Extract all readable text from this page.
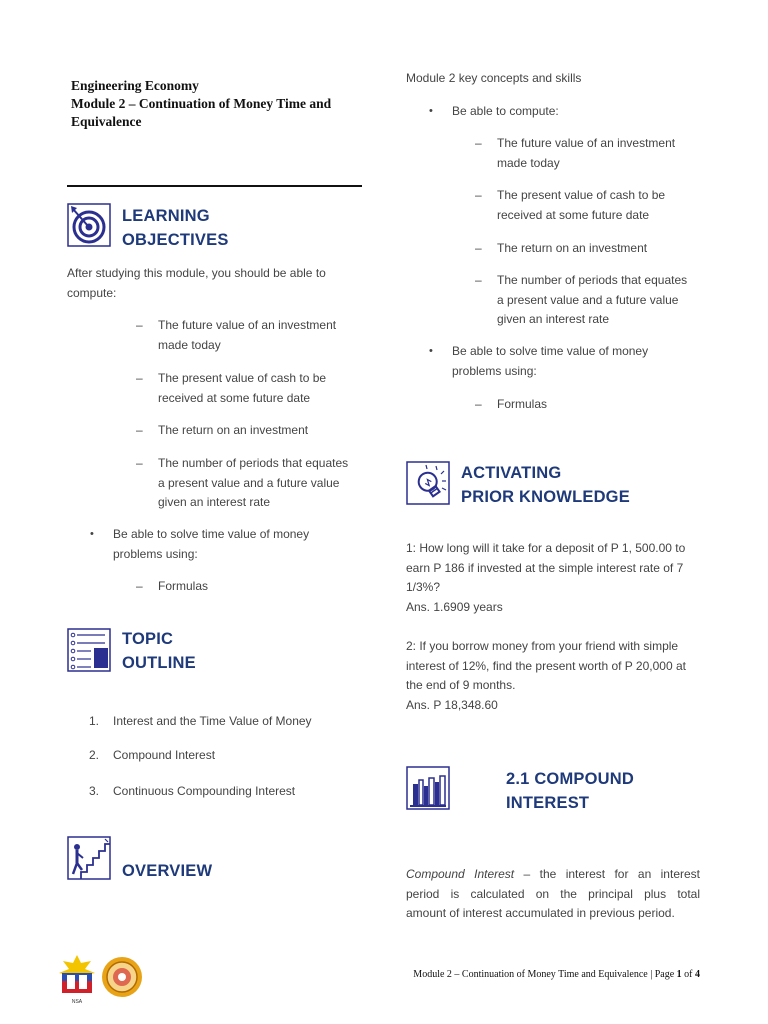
Engineering Economy
Module 2 – Continuation of Money Time and
Equivalence
LEARNING
OBJECTIVES
After studying this module, you should be able to
compute:
– The future value of an investment
made today
– The present value of cash to be
received at some future date
– The return on an investment
– The number of periods that equates
a present value and a future value
given an interest rate
• Be able to solve time value of money
problems using:
– Formulas
TOPIC
OUTLINE
1. Interest and the Time Value of Money
2. Compound Interest
3. Continuous Compounding Interest
OVERVIEW
Module 2 key concepts and skills
• Be able to compute:
– The future value of an investment
made today
– The present value of cash to be
received at some future date
– The return on an investment
– The number of periods that equates
a present value and a future value
given an interest rate
• Be able to solve time value of money
problems using:
– Formulas
ACTIVATING
PRIOR KNOWLEDGE
1: How long will it take for a deposit of P 1, 500.00 to
earn P 186 if invested at the simple interest rate of 7
1/3%?
Ans. 1.6909 years
2: If you borrow money from your friend with simple
interest of 12%, find the present worth of P 20,000 at
the end of 9 months.
Ans. P 18,348.60
2.1 COMPOUND
INTEREST
Compound Interest – the interest for an interest
period is calculated on the principal plus total
amount of interest accumulated in previous period.
NSA
Module 2 – Continuation of Money Time and Equivalence | Page 1 of 4
